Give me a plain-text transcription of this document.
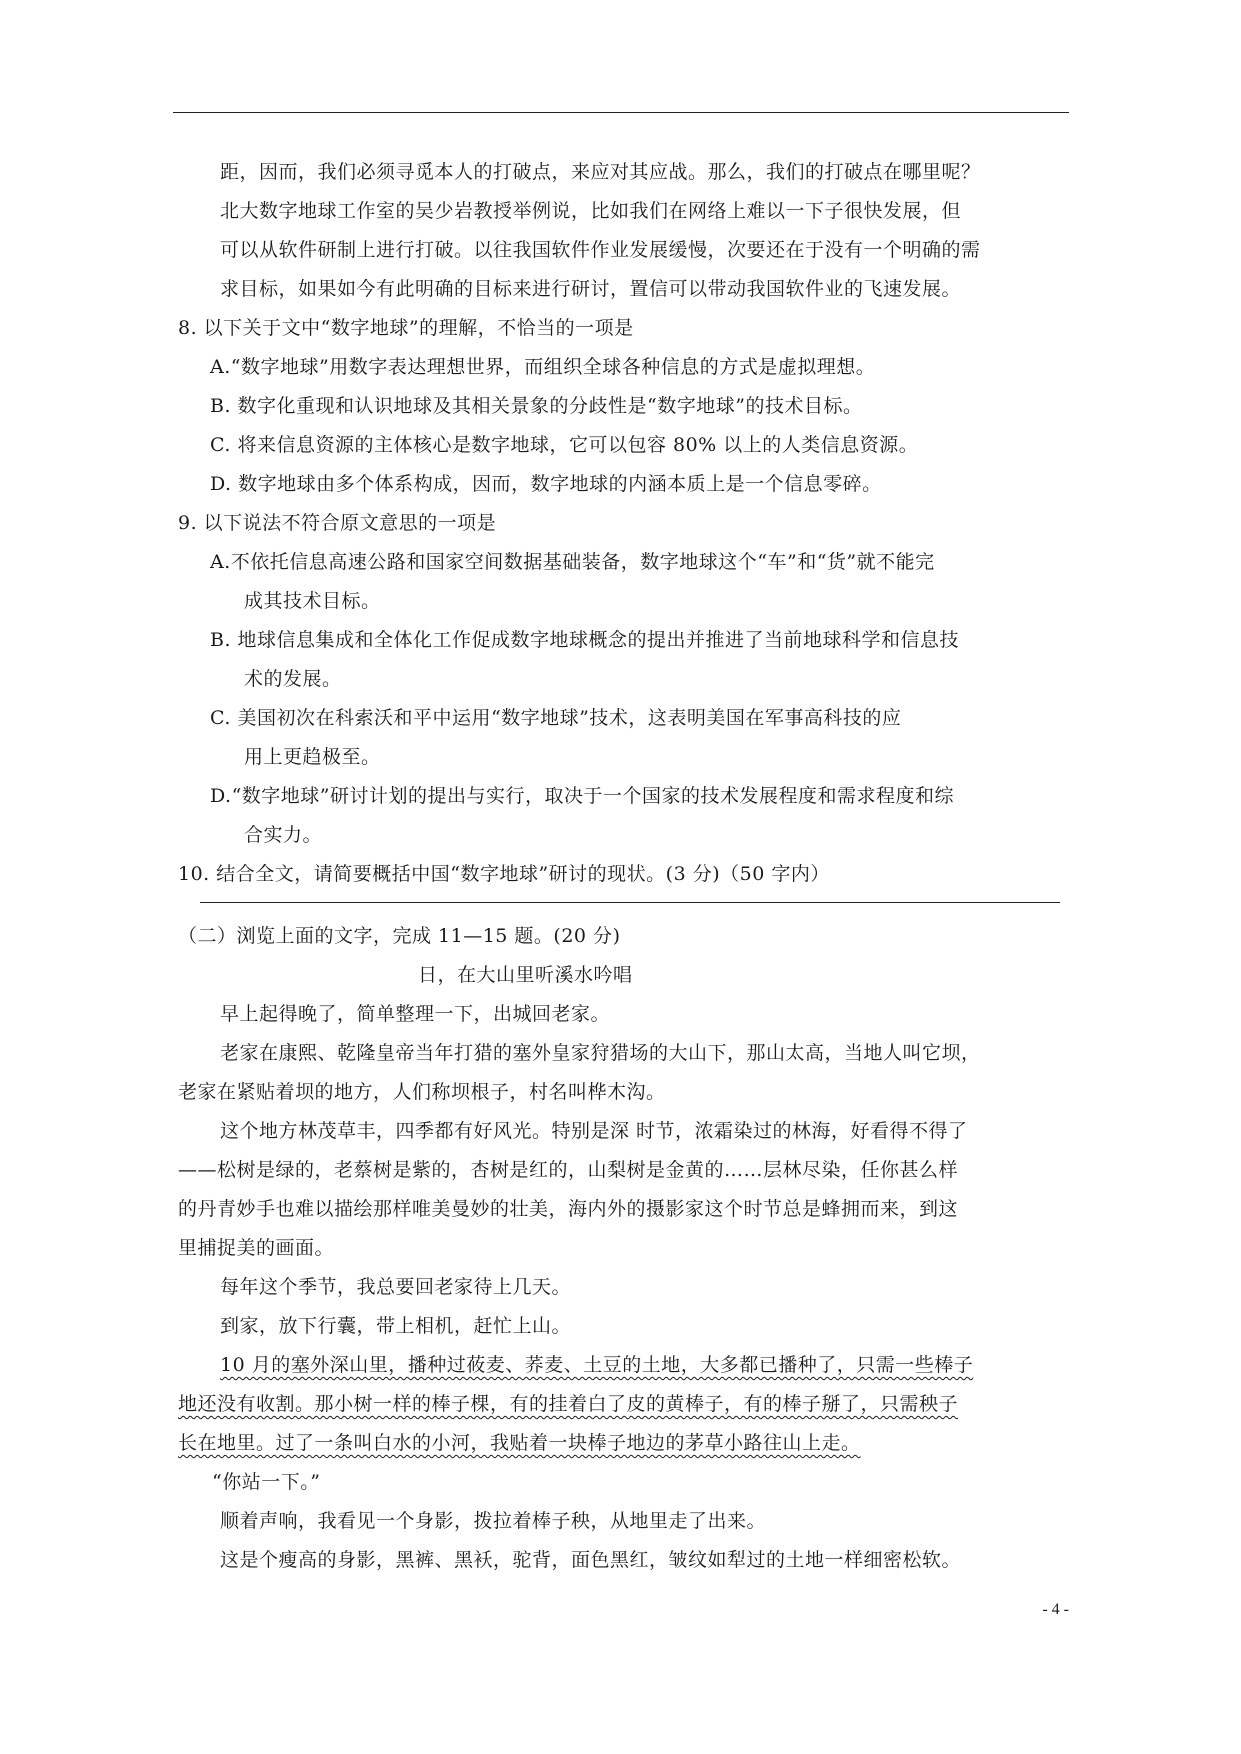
距，因而，我们必须寻觅本人的打破点，来应对其应战。那么，我们的打破点在哪里呢？
北大数字地球工作室的吴少岩教授举例说，比如我们在网络上难以一下子很快发展，但
可以从软件研制上进行打破。以往我国软件作业发展缓慢，次要还在于没有一个明确的需
求目标，如果如今有此明确的目标来进行研讨，置信可以带动我国软件业的飞速发展。
8. 以下关于文中“数字地球”的理解，不恰当的一项是
A.“数字地球”用数字表达理想世界，而组织全球各种信息的方式是虚拟理想。
B. 数字化重现和认识地球及其相关景象的分歧性是“数字地球”的技术目标。
C. 将来信息资源的主体核心是数字地球，它可以包容 80% 以上的人类信息资源。
D. 数字地球由多个体系构成，因而，数字地球的内涵本质上是一个信息零碎。
9. 以下说法不符合原文意思的一项是
A.不依托信息高速公路和国家空间数据基础装备，数字地球这个“车”和“货”就不能完
成其技术目标。
B. 地球信息集成和全体化工作促成数字地球概念的提出并推进了当前地球科学和信息技
术的发展。
C. 美国初次在科索沃和平中运用“数字地球”技术，这表明美国在军事高科技的应
用上更趋极至。
D.“数字地球”研讨计划的提出与实行，取决于一个国家的技术发展程度和需求程度和综
合实力。
10. 结合全文，请简要概括中国“数字地球”研讨的现状。(3 分)（50 字内）
（二）浏览上面的文字，完成 11—15 题。(20 分)
日，在大山里听溪水吟唱
早上起得晚了，简单整理一下，出城回老家。
老家在康熙、乾隆皇帝当年打猎的塞外皇家狩猎场的大山下，那山太高，当地人叫它坝，
老家在紧贴着坝的地方，人们称坝根子，村名叫桦木沟。
这个地方林茂草丰，四季都有好风光。特别是深 时节，浓霜染过的林海，好看得不得了
——松树是绿的，老蔡树是紫的，杏树是红的，山梨树是金黄的……层林尽染，任你甚么样
的丹青妙手也难以描绘那样唯美曼妙的壮美，海内外的摄影家这个时节总是蜂拥而来，到这
里捕捉美的画面。
每年这个季节，我总要回老家待上几天。
到家，放下行囊，带上相机，赶忙上山。
10 月的塞外深山里，播种过莜麦、荞麦、土豆的土地，大多都已播种了，只需一些棒子
地还没有收割。那小树一样的棒子棵，有的挂着白了皮的黄棒子，有的棒子掰了，只需秧子
长在地里。过了一条叫白水的小河，我贴着一块棒子地边的茅草小路往山上走。
“你站一下。”
顺着声响，我看见一个身影，拨拉着棒子秧，从地里走了出来。
这是个瘦高的身影，黑裤、黑袄，驼背，面色黑红，皱纹如犁过的土地一样细密松软。
- 4 -
